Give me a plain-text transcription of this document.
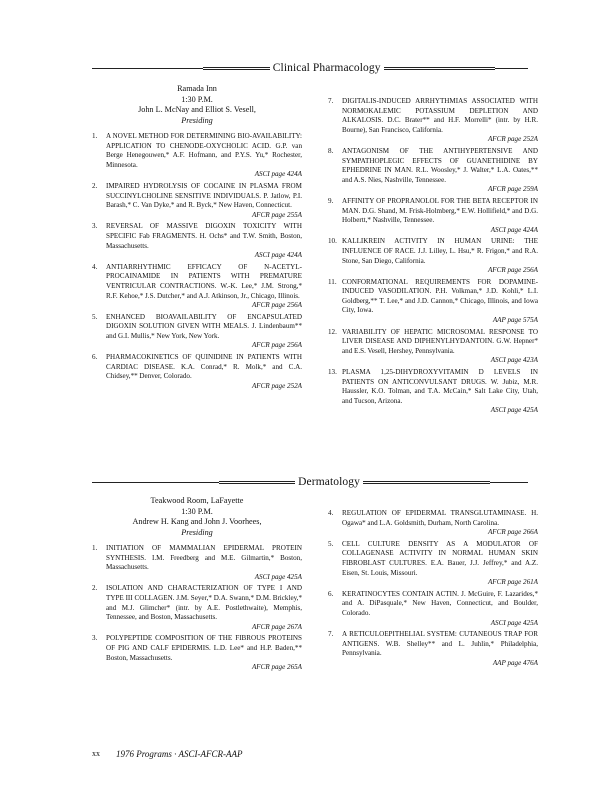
Clinical Pharmacology
Ramada Inn
1:30 P.M.
John L. McNay and Elliot S. Vesell,
Presiding
1.	A NOVEL METHOD FOR DETERMINING BIO-AVAILABILITY: APPLICATION TO CHENODE-OXYCHOLIC ACID. G.P. van Berge Henegouwen,* A.F. Hofmann, and P.Y.S. Yu,* Rochester, Minnesota.
ASCI page 424A
2.	IMPAIRED HYDROLYSIS OF COCAINE IN PLASMA FROM SUCCINYLCHOLINE SENSITIVE INDIVIDUALS. P. Jatlow, P.I. Barash,* C. Van Dyke,* and R. Byck,* New Haven, Connecticut.
AFCR page 255A
3.	REVERSAL OF MASSIVE DIGOXIN TOXICITY WITH SPECIFIC Fab FRAGMENTS. H. Ochs* and T.W. Smith, Boston, Massachusetts.
ASCI page 424A
4.	ANTIARRHYTHMIC EFFICACY OF N-ACETYL-PROCAINAMIDE IN PATIENTS WITH PREMATURE VENTRICULAR CONTRACTIONS. W.-K. Lee,* J.M. Strong,* R.F. Kehoe,* J.S. Dutcher,* and A.J. Atkinson, Jr., Chicago, Illinois.
AFCR page 256A
5.	ENHANCED BIOAVAILABILITY OF ENCAPSULATED DIGOXIN SOLUTION GIVEN WITH MEALS. J. Lindenbaum** and G.I. Mullis,* New York, New York.
AFCR page 256A
6.	PHARMACOKINETICS OF QUINIDINE IN PATIENTS WITH CARDIAC DISEASE. K.A. Conrad,* R. Molk,* and C.A. Chidsey,** Denver, Colorado.
AFCR page 252A
7.	DIGITALIS-INDUCED ARRHYTHMIAS ASSOCIATED WITH NORMOKALEMIC POTASSIUM DEPLETION AND ALKALOSIS. D.C. Brater** and H.F. Morrelli* (intr. by H.R. Bourne), San Francisco, California.
AFCR page 252A
8.	ANTAGONISM OF THE ANTIHYPERTENSIVE AND SYMPATHOPLEGIC EFFECTS OF GUANETHIDINE BY EPHEDRINE IN MAN. R.L. Woosley,* J. Walter,* L.A. Oates,** and A.S. Nies, Nashville, Tennessee.
AFCR page 259A
9.	AFFINITY OF PROPRANOLOL FOR THE BETA RECEPTOR IN MAN. D.G. Shand, M. Frisk-Holmberg,* E.W. Hollifield,* and D.G. Holbertt,* Nashville, Tennessee.
ASCI page 424A
10. KALLIKREIN ACTIVITY IN HUMAN URINE: THE INFLUENCE OF RACE. J.J. Lilley, L. Hsu,* R. Frigon,* and R.A. Stone, San Diego, California.
AFCR page 256A
11. CONFORMATIONAL REQUIREMENTS FOR DOPAMINE-INDUCED VASODILATION. P.H. Volkman,* J.D. Kohli,* L.I. Goldberg,** T. Lee,* and J.D. Cannon,* Chicago, Illinois, and Iowa City, Iowa.
AAP page 575A
12. VARIABILITY OF HEPATIC MICROSOMAL RESPONSE TO LIVER DISEASE AND DIPHENYLHYDANTOIN. G.W. Hepner* and E.S. Vesell, Hershey, Pennsylvania.
ASCI page 423A
13. PLASMA 1,25-DIHYDROXYVITAMIN D LEVELS IN PATIENTS ON ANTICONVULSANT DRUGS. W. Jubiz, M.R. Haussler, K.O. Tolman, and T.A. McCain,* Salt Lake City, Utah, and Tucson, Arizona.
ASCI page 425A
Dermatology
Teakwood Room, LaFayette
1:30 P.M.
Andrew H. Kang and John J. Voorhees,
Presiding
1.	INITIATION OF MAMMALIAN EPIDERMAL PROTEIN SYNTHESIS. I.M. Freedberg and M.E. Gilmartin,* Boston, Massachusetts.
ASCI page 425A
2.	ISOLATION AND CHARACTERIZATION OF TYPE I AND TYPE III COLLAGEN. J.M. Seyer,* D.A. Swann,* D.M. Brickley,* and M.J. Glimcher* (intr. by A.E. Postlethwaite), Memphis, Tennessee, and Boston, Massachusetts.
AFCR page 267A
3.	POLYPEPTIDE COMPOSITION OF THE FIBROUS PROTEINS OF PIG AND CALF EPIDERMIS. L.D. Lee* and H.P. Baden,** Boston, Massachusetts.
AFCR page 265A
4.	REGULATION OF EPIDERMAL TRANSGLUTAMINASE. H. Ogawa* and L.A. Goldsmith, Durham, North Carolina.
AFCR page 266A
5.	CELL CULTURE DENSITY AS A MODULATOR OF COLLAGENASE ACTIVITY IN NORMAL HUMAN SKIN FIBROBLAST CULTURES. E.A. Bauer, J.J. Jeffrey,* and A.Z. Eisen, St. Louis, Missouri.
AFCR page 261A
6.	KERATINOCYTES CONTAIN ACTIN. J. McGuire, F. Lazarides,* and A. DiPasquale,* New Haven, Connecticut, and Boulder, Colorado.
ASCI page 425A
7.	A RETICULOEPITHELIAL SYSTEM: CUTANEOUS TRAP FOR ANTIGENS. W.B. Shelley** and L. Juhlin,* Philadelphia, Pennsylvania.
AAP page 476A
xx 1976 Programs · ASCI-AFCR-AAP
